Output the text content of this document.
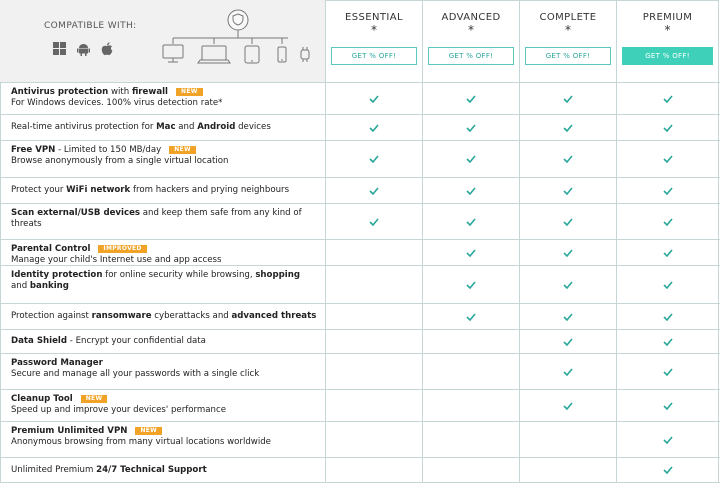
COMPATIBLE WITH:
ESSENTIAL
*
GET % OFF!
ADVANCED
*
GET % OFF!
COMPLETE
*
GET % OFF!
PREMIUM
*
GET % OFF!
Antivirus protection with firewall NEW
For Windows devices. 100% virus detection rate*
Real-time antivirus protection for Mac and Android devices
Free VPN - Limited to 150 MB/day NEW
Browse anonymously from a single virtual location
Protect your WiFi network from hackers and prying neighbours
Scan external/USB devices and keep them safe from any kind of
threats
Parental Control IMPROVED
Manage your child's Internet use and app access
Identity protection for online security while browsing, shopping
and banking
Protection against ransomware cyberattacks and advanced threats
Data Shield - Encrypt your confidential data
Password Manager
Secure and manage all your passwords with a single click
Cleanup Tool NEW
Speed up and improve your devices' performance
Premium Unlimited VPN NEW
Anonymous browsing from many virtual locations worldwide
Unlimited Premium 24/7 Technical Support
